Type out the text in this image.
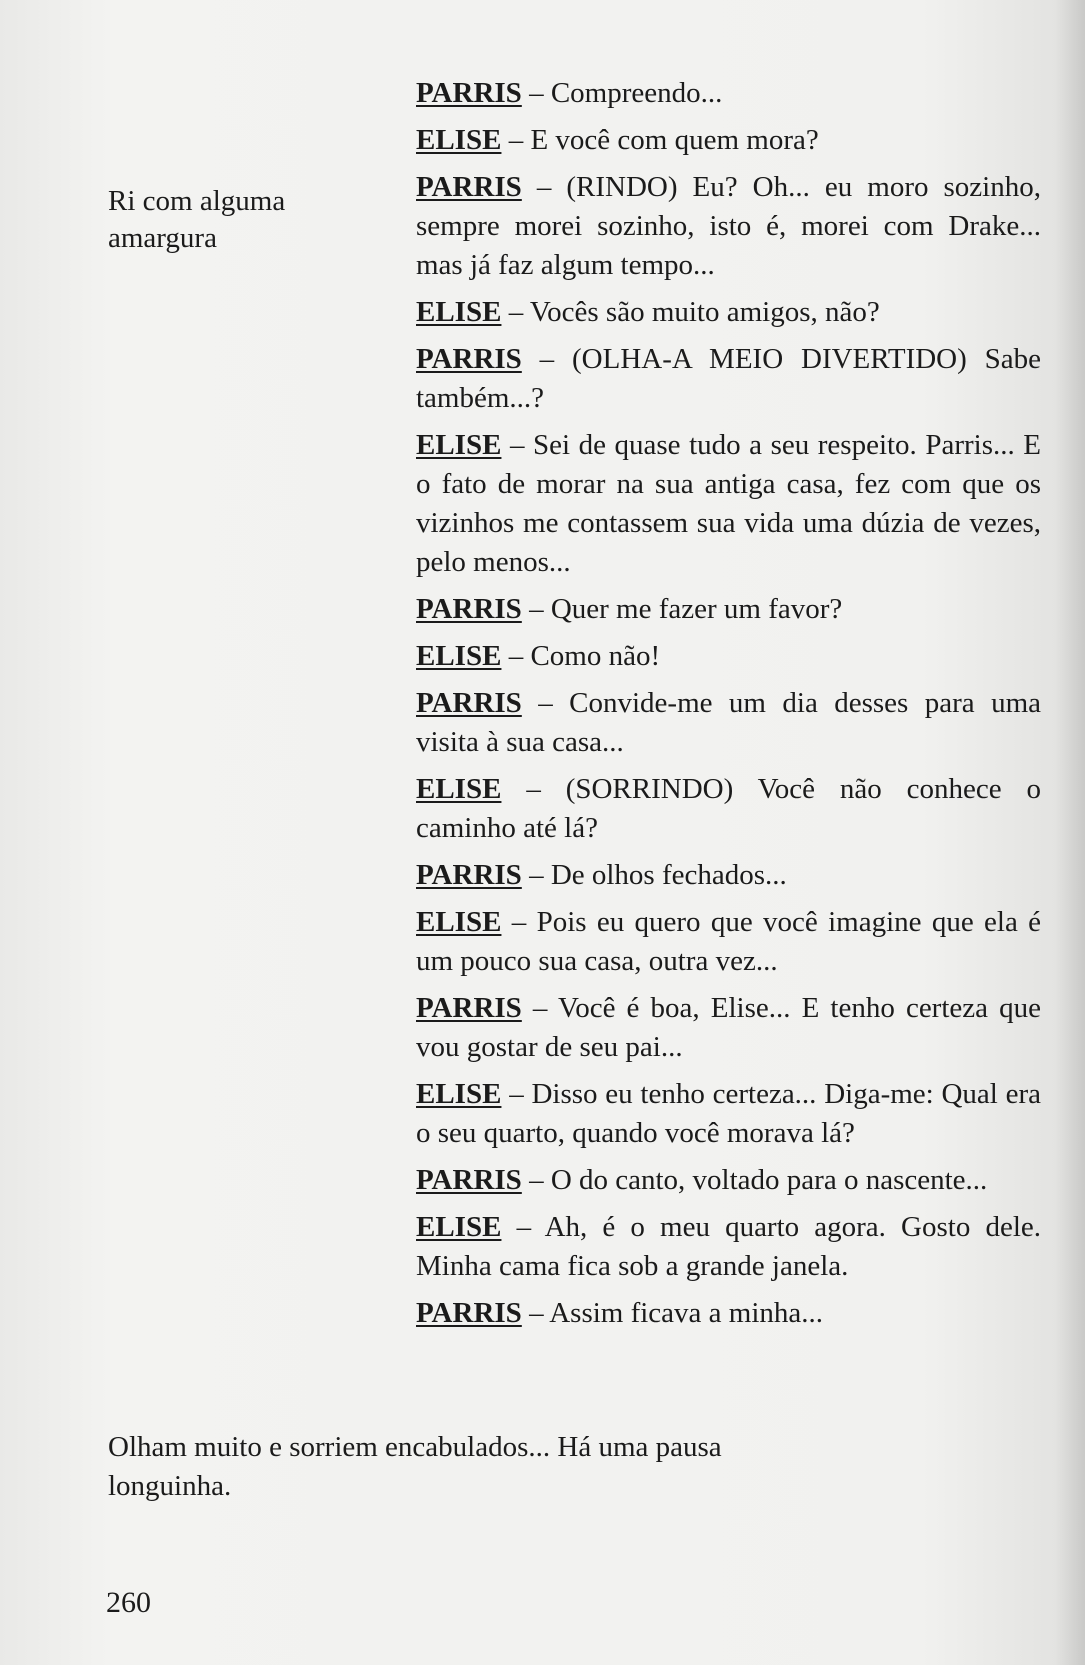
Ri com alguma amargura

PARRIS – Compreendo...

ELISE – E você com quem mora?

PARRIS – (RINDO) Eu? Oh... eu moro sozinho, sempre morei sozinho, isto é, morei com Drake... mas já faz algum tempo...

ELISE – Vocês são muito amigos, não?

PARRIS – (OLHA-A MEIO DIVERTIDO) Sabe também...?

ELISE – Sei de quase tudo a seu respeito. Parris... E o fato de morar na sua antiga casa, fez com que os vizinhos me contassem sua vida uma dúzia de vezes, pelo menos...

PARRIS – Quer me fazer um favor?

ELISE – Como não!

PARRIS – Convide-me um dia desses para uma visita à sua casa...

ELISE – (SORRINDO) Você não conhece o caminho até lá?

PARRIS – De olhos fechados...

ELISE – Pois eu quero que você imagine que ela é um pouco sua casa, outra vez...

PARRIS – Você é boa, Elise... E tenho certeza que vou gostar de seu pai...

ELISE – Disso eu tenho certeza... Diga-me: Qual era o seu quarto, quando você morava lá?

PARRIS – O do canto, voltado para o nascente...

ELISE – Ah, é o meu quarto agora. Gosto dele. Minha cama fica sob a grande janela.

PARRIS – Assim ficava a minha...

Olham muito e sorriem encabulados... Há uma pausa longuinha.
260
